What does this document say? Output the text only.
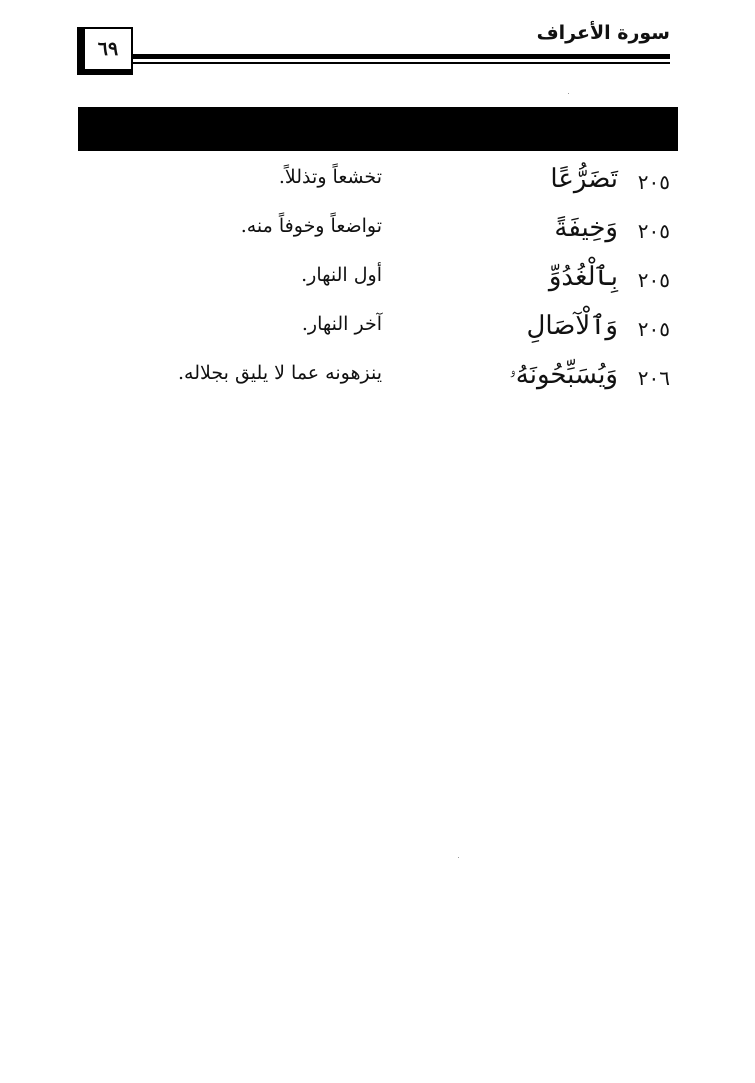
٦٩
سورة الأعراف
٢٠٥
تَضَرُّعًا
تخشعاً وتذللاً.
٢٠٥
وَخِيفَةً
تواضعاً وخوفاً منه.
٢٠٥
بِٱلْغُدُوِّ
أول النهار.
٢٠٥
وَٱلْآصَالِ
آخر النهار.
٢٠٦
وَيُسَبِّحُونَهُۥ
ينزهونه عما لا يليق بجلاله.
